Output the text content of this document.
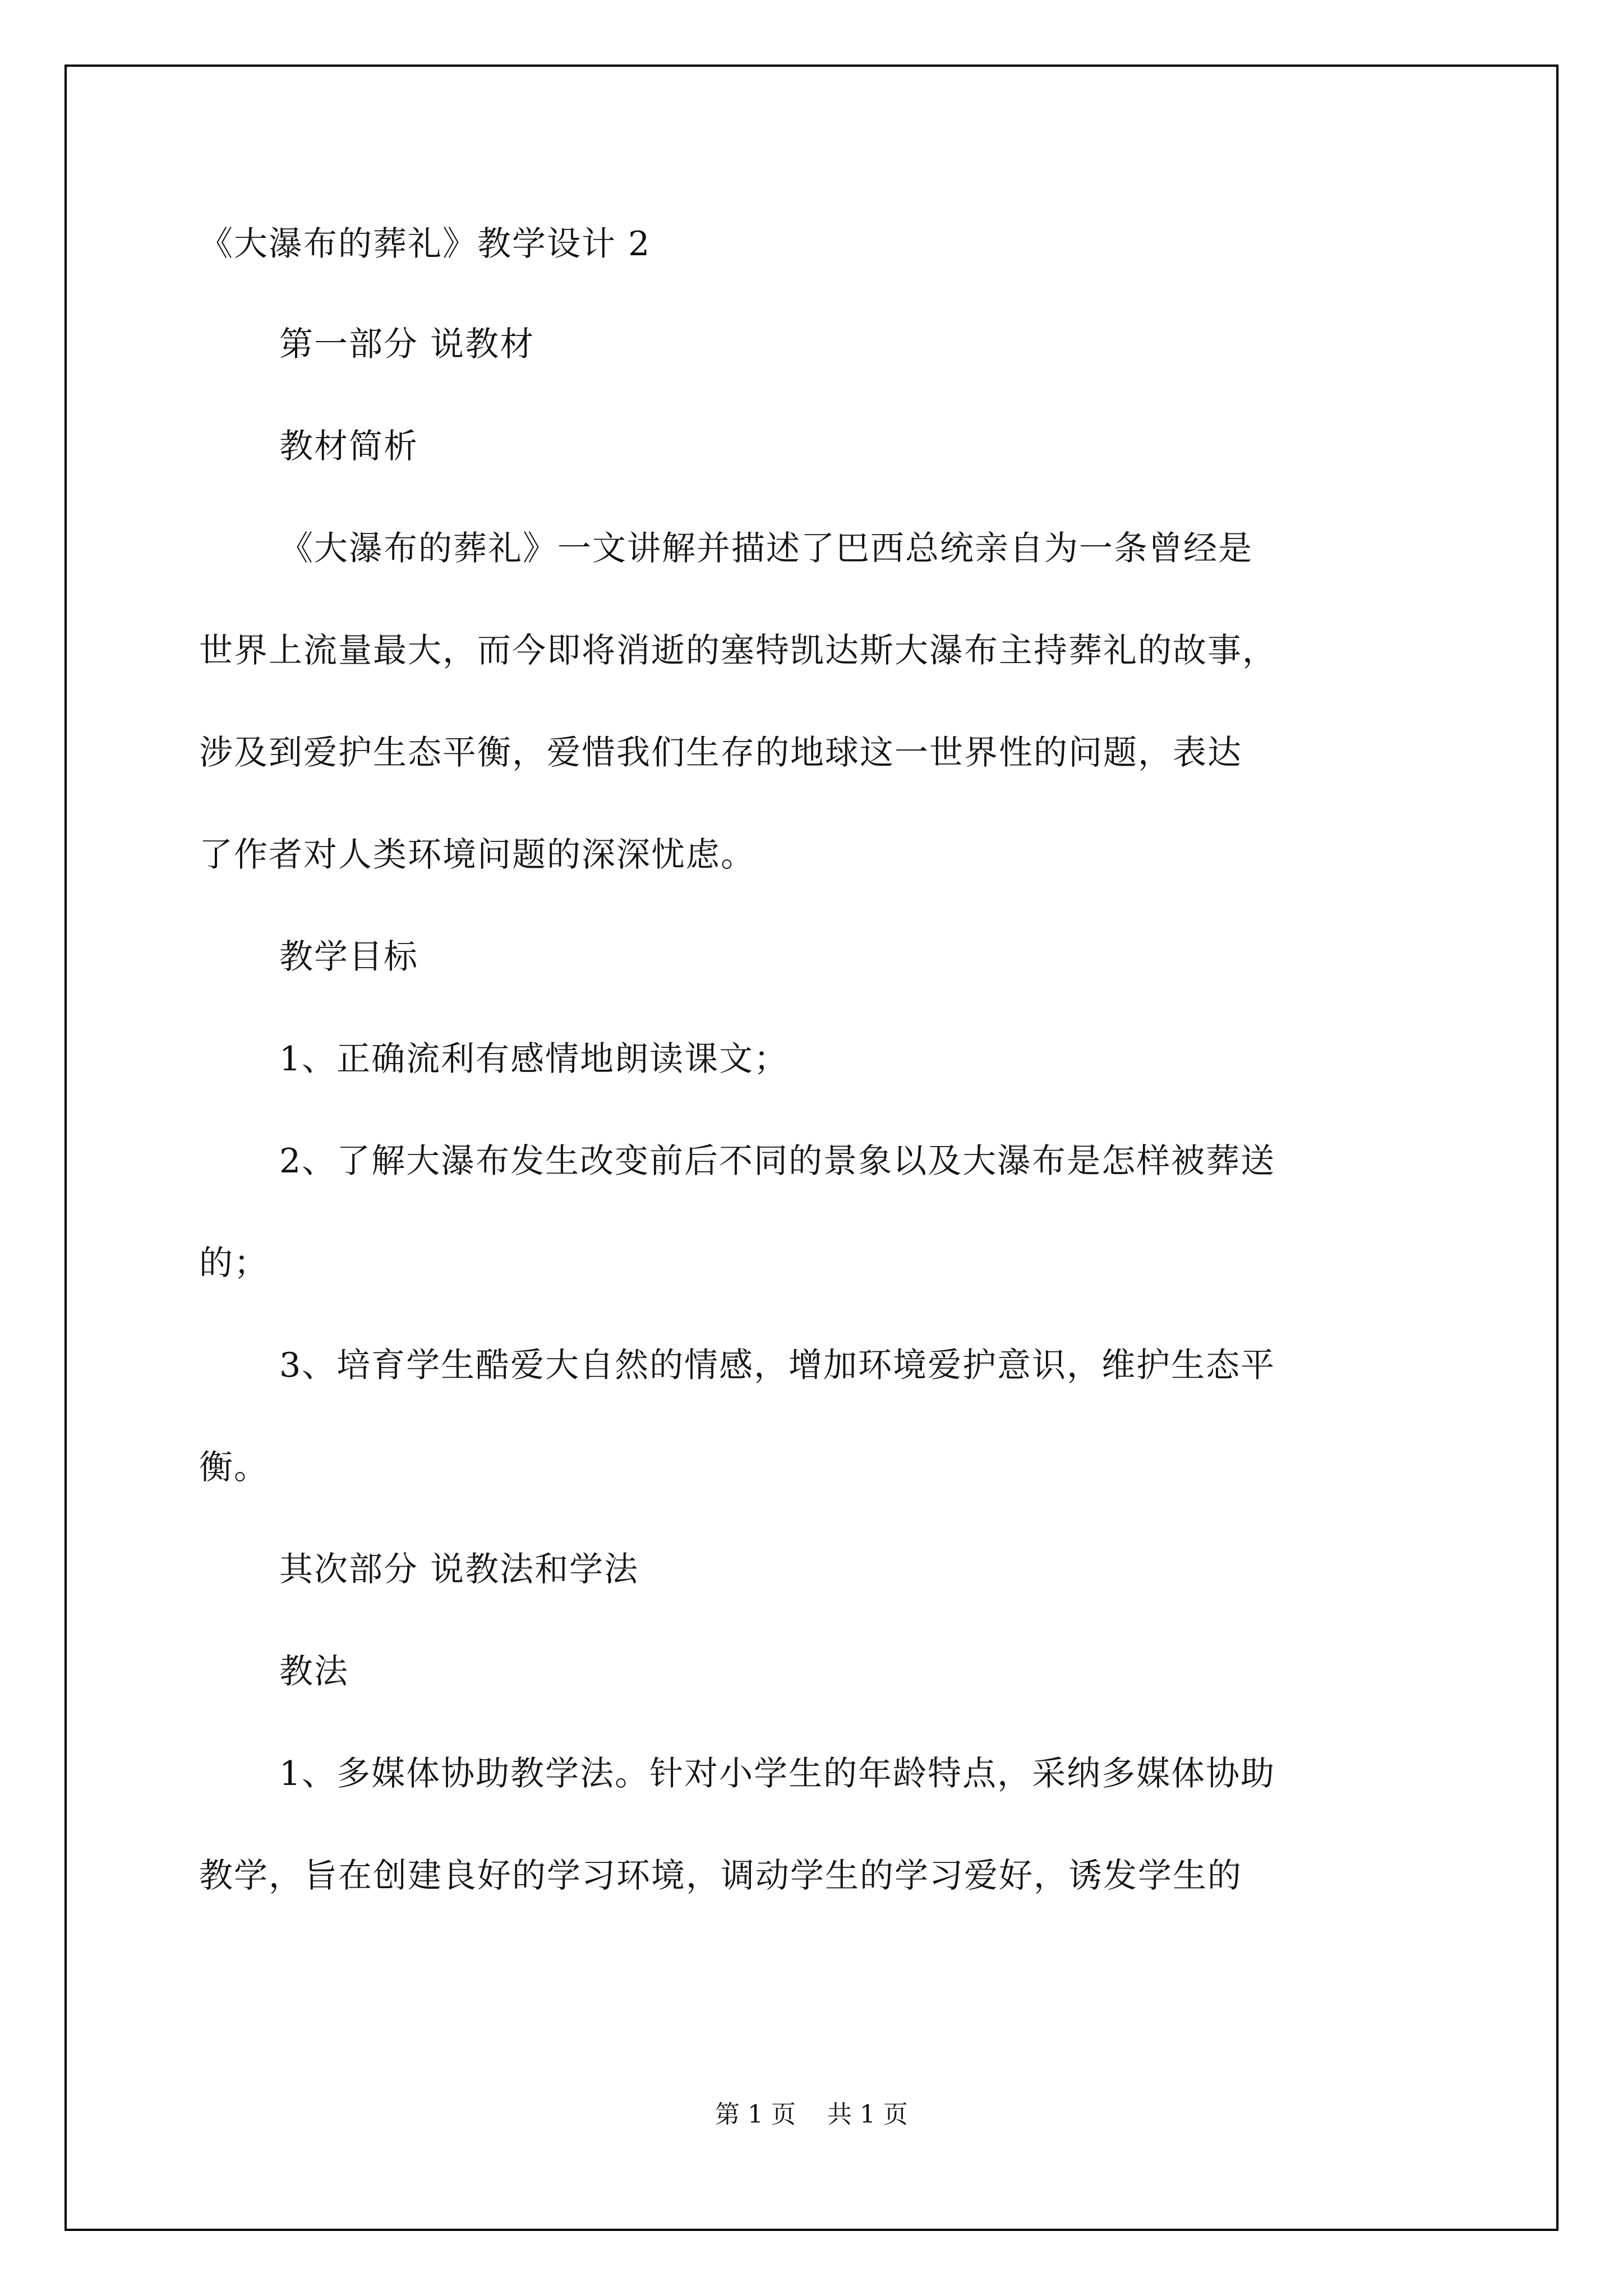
《大瀑布的葬礼》教学设计 2
第一部分 说教材
教材简析
《大瀑布的葬礼》一文讲解并描述了巴西总统亲自为一条曾经是
世界上流量最大，而今即将消逝的塞特凯达斯大瀑布主持葬礼的故事，
涉及到爱护生态平衡，爱惜我们生存的地球这一世界性的问题，表达
了作者对人类环境问题的深深忧虑。
教学目标
1、正确流利有感情地朗读课文；
2、了解大瀑布发生改变前后不同的景象以及大瀑布是怎样被葬送
的；
3、培育学生酷爱大自然的情感，增加环境爱护意识，维护生态平
衡。
其次部分 说教法和学法
教法
1、多媒体协助教学法。针对小学生的年龄特点，采纳多媒体协助
教学，旨在创建良好的学习环境，调动学生的学习爱好，诱发学生的
第 1 页    共 1 页
